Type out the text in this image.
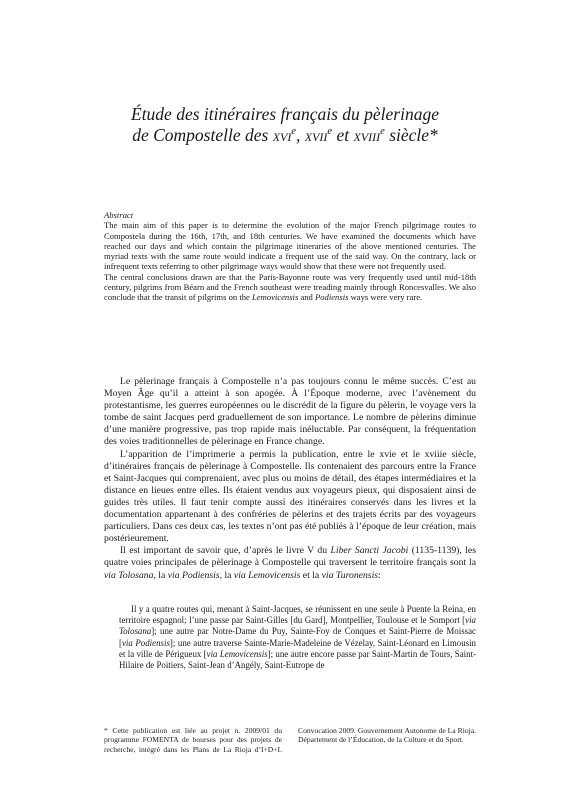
Étude des itinéraires français du pèlerinage
de Compostelle des xvi$^e$, xvii$^e$ et xviii$^e$ siècle*
Abstract

The main aim of this paper is to determine the evolution of the major French pilgrimage routes to Compostela during the 16th, 17th, and 18th centuries. We have examined the documents which have reached our days and which contain the pilgrimage itineraries of the above mentioned centuries. The myriad texts with the same route would indicate a frequent use of the said way. On the contrary, lack or infrequent texts referring to other pilgrimage ways would show that these were not frequently used.

The central conclusions drawn are that the Paris-Bayonne route was very frequently used until mid-18th century, pilgrims from Béarn and the French southeast were treading mainly through Roncesvalles. We also conclude that the transit of pilgrims on the Lemovicensis and Podiensis ways were very rare.

Le pèlerinage français à Compostelle n’a pas toujours connu le même succès. C’est au Moyen Âge qu’il a atteint à son apogée. À l’Époque moderne, avec l’avènement du protestantisme, les guerres européennes ou le discrédit de la figure du pèlerin, le voyage vers la tombe de saint Jacques perd graduellement de son importance. Le nombre de pèlerins diminue d’une manière progressive, pas trop rapide mais inéluctable. Par conséquent, la fréquentation des voies traditionnelles de pèlerinage en France change.

L’apparition de l’imprimerie a permis la publication, entre le xvie et le xviiie siècle, d’itinéraires français de pèlerinage à Compostelle. Ils contenaient des parcours entre la France et Saint-Jacques qui comprenaient, avec plus ou moins de détail, des étapes intermédiaires et la distance en lieues entre elles. Ils étaient vendus aux voyageurs pieux, qui disposaient ainsi de guides très utiles. Il faut tenir compte aussi des itinéraires conservés dans les livres et la documentation appartenant à des confréries de pèlerins et des trajets écrits par des voyageurs particuliers. Dans ces deux cas, les textes n’ont pas été publiés à l’époque de leur création, mais postérieurement.

Il est important de savoir que, d’après le livre V du Liber Sancti Jacobi (1135-1139), les quatre voies principales de pèlerinage à Compostelle qui traversent le territoire français sont la via Tolosana, la via Podiensis, la via Lemovicensis et la via Turonensis:

Il y a quatre routes qui, menant à Saint-Jacques, se réunissent en une seule à Puente la Reina, en territoire espagnol; l’une passe par Saint-Gilles [du Gard], Montpellier, Toulouse et le Somport [via Tolosana]; une autre par Notre-Dame du Puy, Sainte-Foy de Conques et Saint-Pierre de Moissac [via Podiensis]; une autre traverse Sainte-Marie-Madeleine de Vézelay, Saint-Léonard en Limousin et la ville de Périgueux [via Lemovicensis]; une autre encore passe par Saint-Martin de Tours, Saint-Hilaire de Poitiers, Saint-Jean d’Angély, Saint-Eutrope de

* Cette publication est liée au projet n. 2009/01 du programme FOMENTA de bourses pour des projets de recherche, intégré dans les Plans de La Rioja d’I+D+I. Convocation 2009. Gouvernement Autonome de La Rioja. Département de l’Éducation, de la Culture et du Sport.
